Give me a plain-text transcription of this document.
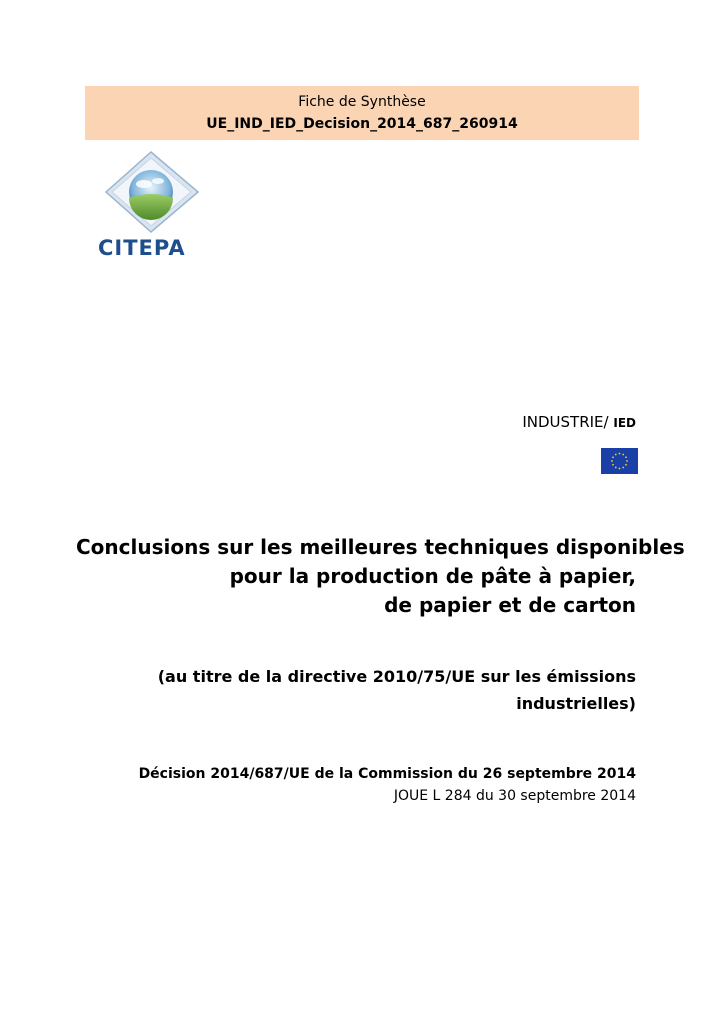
Fiche de Synthèse
UE_IND_IED_Decision_2014_687_260914
CITEPA
INDUSTRIE/ IED
Conclusions sur les meilleures techniques disponibles
pour la production de pâte à papier,
de papier et de carton
(au titre de la directive 2010/75/UE sur les émissions
industrielles)
Décision 2014/687/UE de la Commission du 26 septembre 2014
JOUE L 284 du 30 septembre 2014
